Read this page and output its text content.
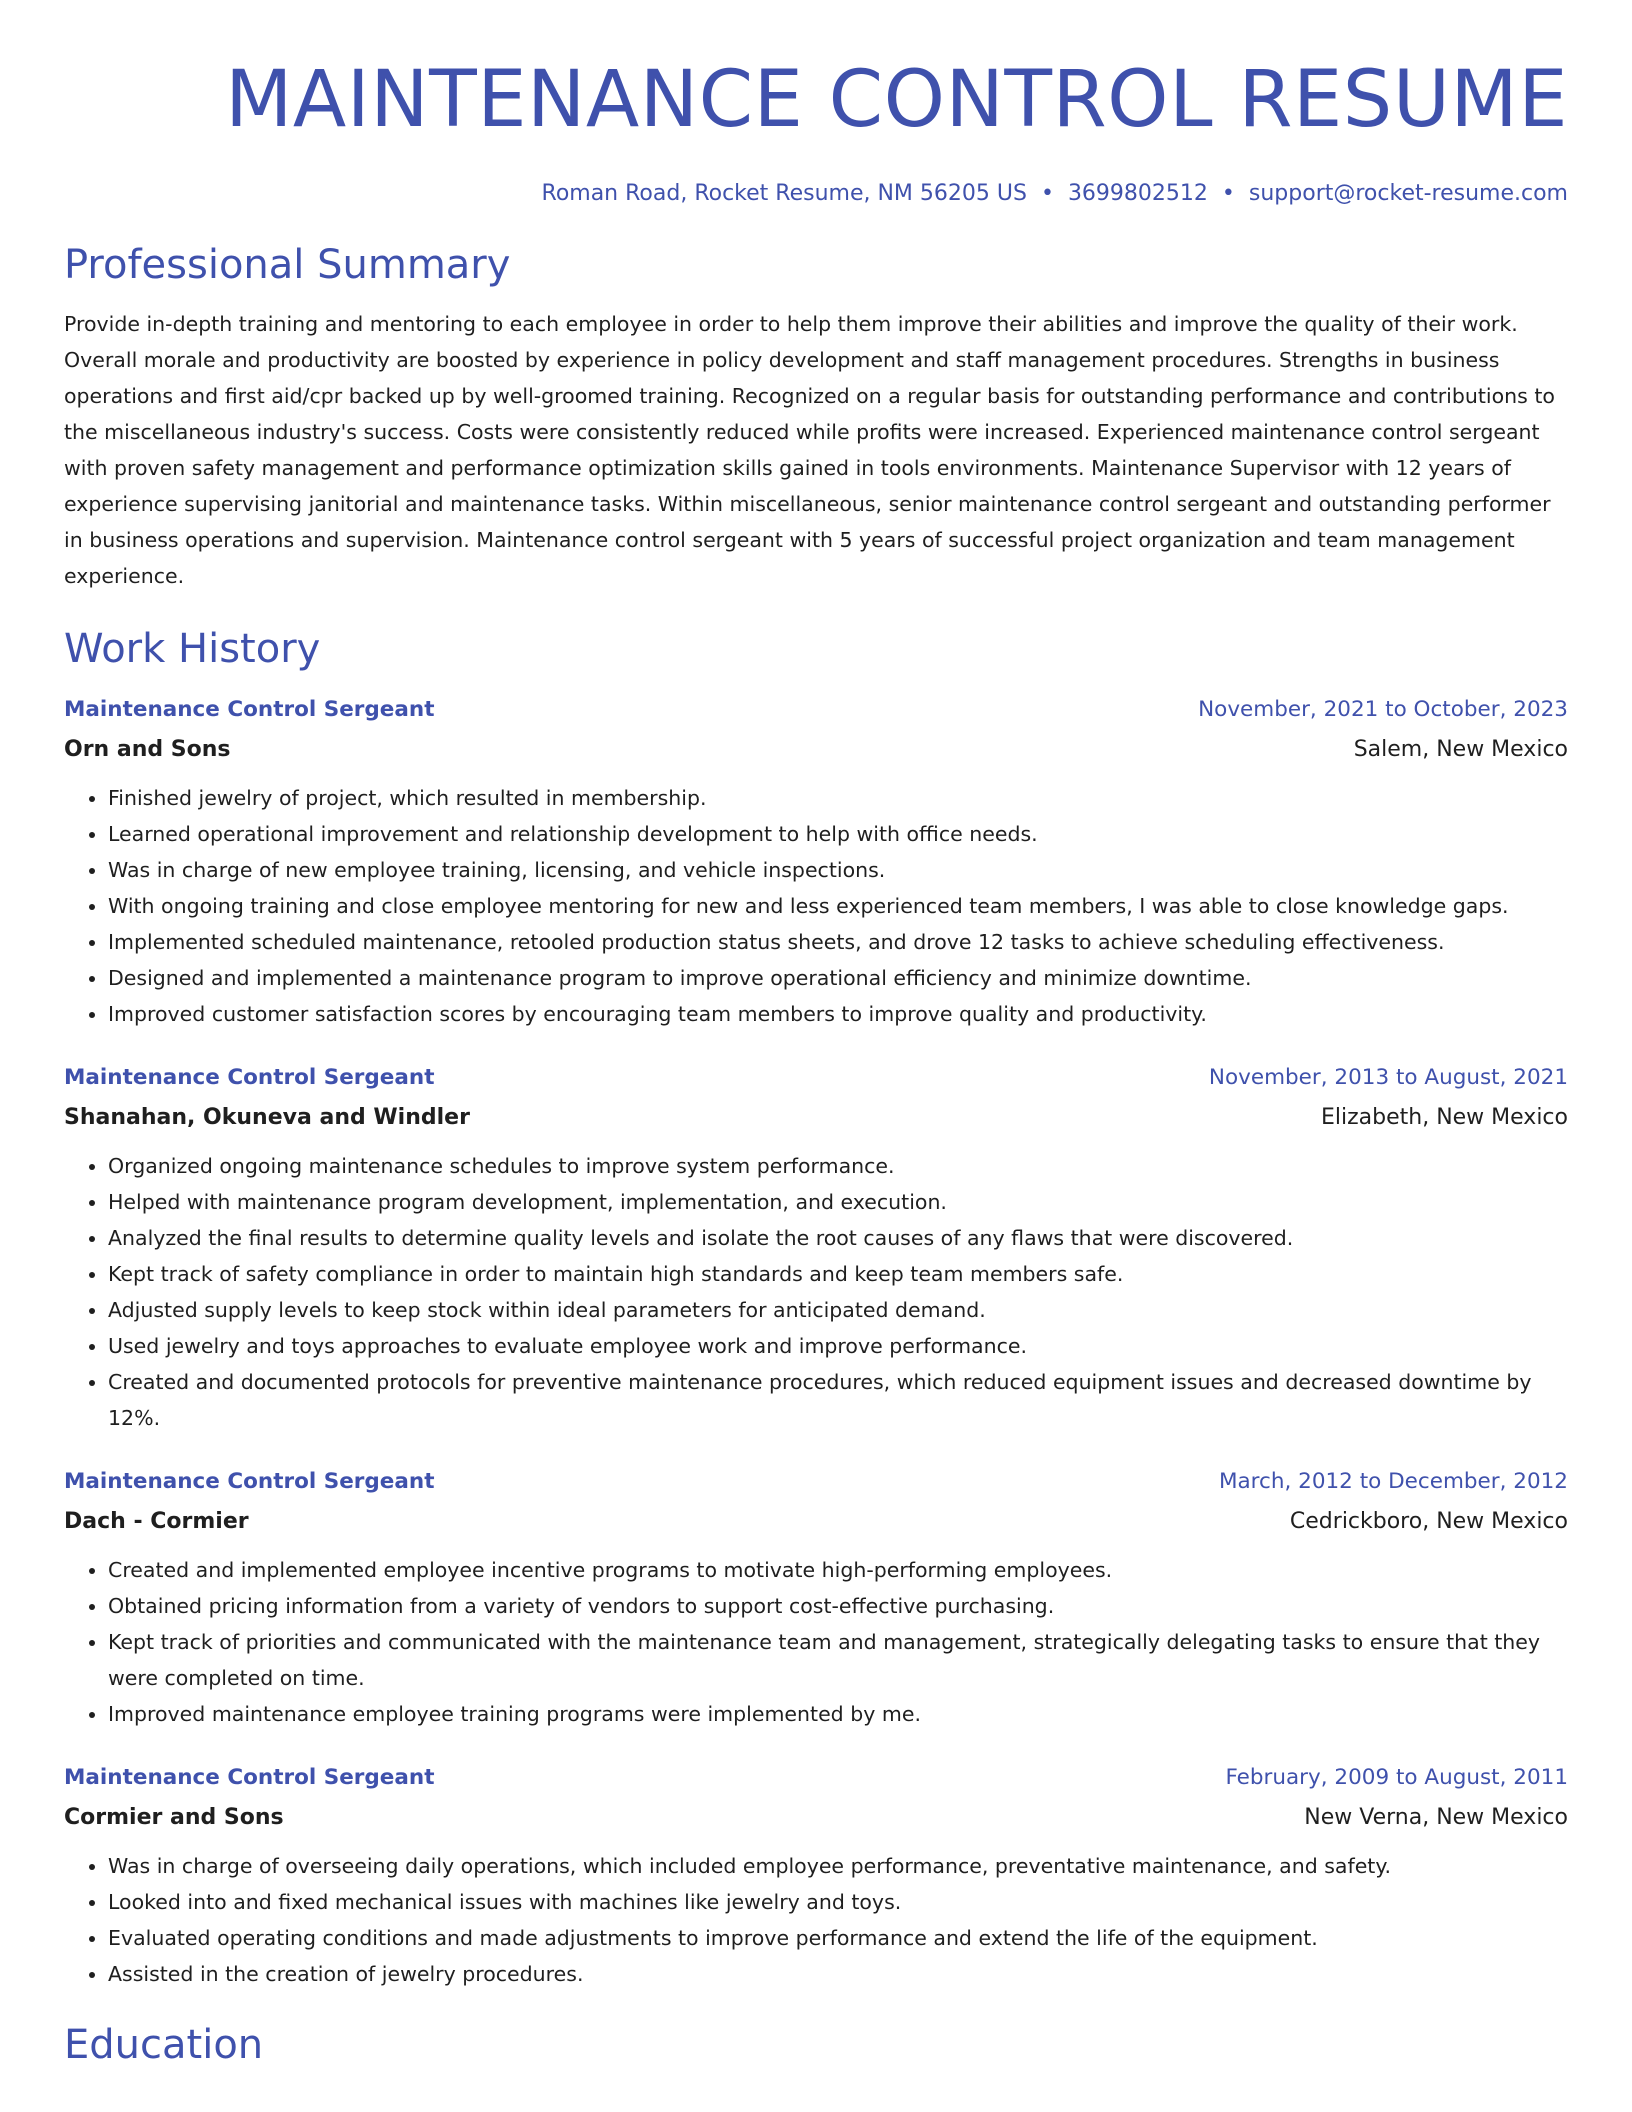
MAINTENANCE CONTROL RESUME
Roman Road, Rocket Resume, NM 56205 US • 3699802512 • support@rocket-resume.com
Professional Summary

Provide in-depth training and mentoring to each employee in order to help them improve their abilities and improve the quality of their work. Overall morale and productivity are boosted by experience in policy development and staff management procedures. Strengths in business operations and first aid/cpr backed up by well-groomed training. Recognized on a regular basis for outstanding performance and contributions to the miscellaneous industry's success. Costs were consistently reduced while profits were increased. Experienced maintenance control sergeant with proven safety management and performance optimization skills gained in tools environments. Maintenance Supervisor with 12 years of experience supervising janitorial and maintenance tasks. Within miscellaneous, senior maintenance control sergeant and outstanding performer in business operations and supervision. Maintenance control sergeant with 5 years of successful project organization and team management experience.

Work History
Maintenance Control Sergeant	November, 2021 to October, 2023
Orn and Sons	Salem, New Mexico
• Finished jewelry of project, which resulted in membership.
• Learned operational improvement and relationship development to help with office needs.
• Was in charge of new employee training, licensing, and vehicle inspections.
• With ongoing training and close employee mentoring for new and less experienced team members, I was able to close knowledge gaps.
• Implemented scheduled maintenance, retooled production status sheets, and drove 12 tasks to achieve scheduling effectiveness.
• Designed and implemented a maintenance program to improve operational efficiency and minimize downtime.
• Improved customer satisfaction scores by encouraging team members to improve quality and productivity.
Maintenance Control Sergeant	November, 2013 to August, 2021
Shanahan, Okuneva and Windler	Elizabeth, New Mexico
• Organized ongoing maintenance schedules to improve system performance.
• Helped with maintenance program development, implementation, and execution.
• Analyzed the final results to determine quality levels and isolate the root causes of any flaws that were discovered.
• Kept track of safety compliance in order to maintain high standards and keep team members safe.
• Adjusted supply levels to keep stock within ideal parameters for anticipated demand.
• Used jewelry and toys approaches to evaluate employee work and improve performance.
• Created and documented protocols for preventive maintenance procedures, which reduced equipment issues and decreased downtime by 12%.
Maintenance Control Sergeant	March, 2012 to December, 2012
Dach - Cormier	Cedrickboro, New Mexico
• Created and implemented employee incentive programs to motivate high-performing employees.
• Obtained pricing information from a variety of vendors to support cost-effective purchasing.
• Kept track of priorities and communicated with the maintenance team and management, strategically delegating tasks to ensure that they were completed on time.
• Improved maintenance employee training programs were implemented by me.
Maintenance Control Sergeant	February, 2009 to August, 2011
Cormier and Sons	New Verna, New Mexico
• Was in charge of overseeing daily operations, which included employee performance, preventative maintenance, and safety.
• Looked into and fixed mechanical issues with machines like jewelry and toys.
• Evaluated operating conditions and made adjustments to improve performance and extend the life of the equipment.
• Assisted in the creation of jewelry procedures.
Education
